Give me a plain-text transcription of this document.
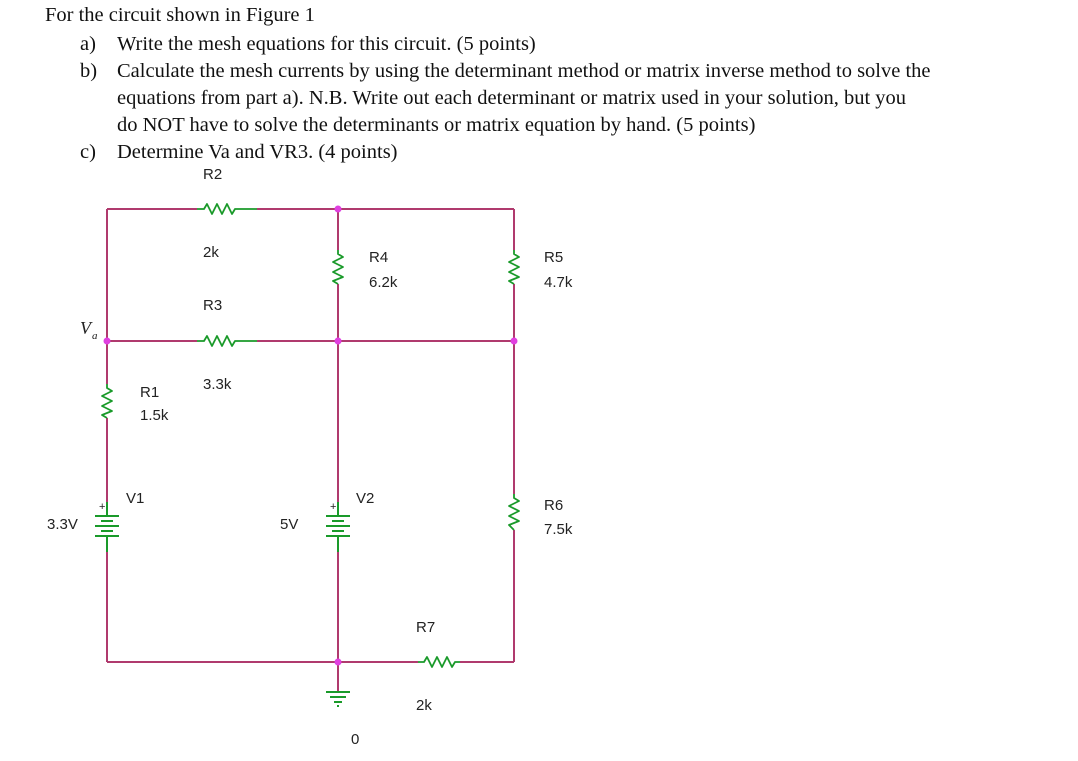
For the circuit shown in Figure 1
a) Write the mesh equations for this circuit. (5 points)
b) Calculate the mesh currents by using the determinant method or matrix inverse method to solve the
equations from part a). N.B. Write out each determinant or matrix used in your solution, but you
do NOT have to solve the determinants or matrix equation by hand. (5 points)
c) Determine Va and VR3. (4 points)
+	+
R2
2k
R3
3.3k
R4
6.2k
R5
4.7k
R1
1.5k
R6
7.5k
R7
2k
V1
3.3V
V2
5V
0
V a
